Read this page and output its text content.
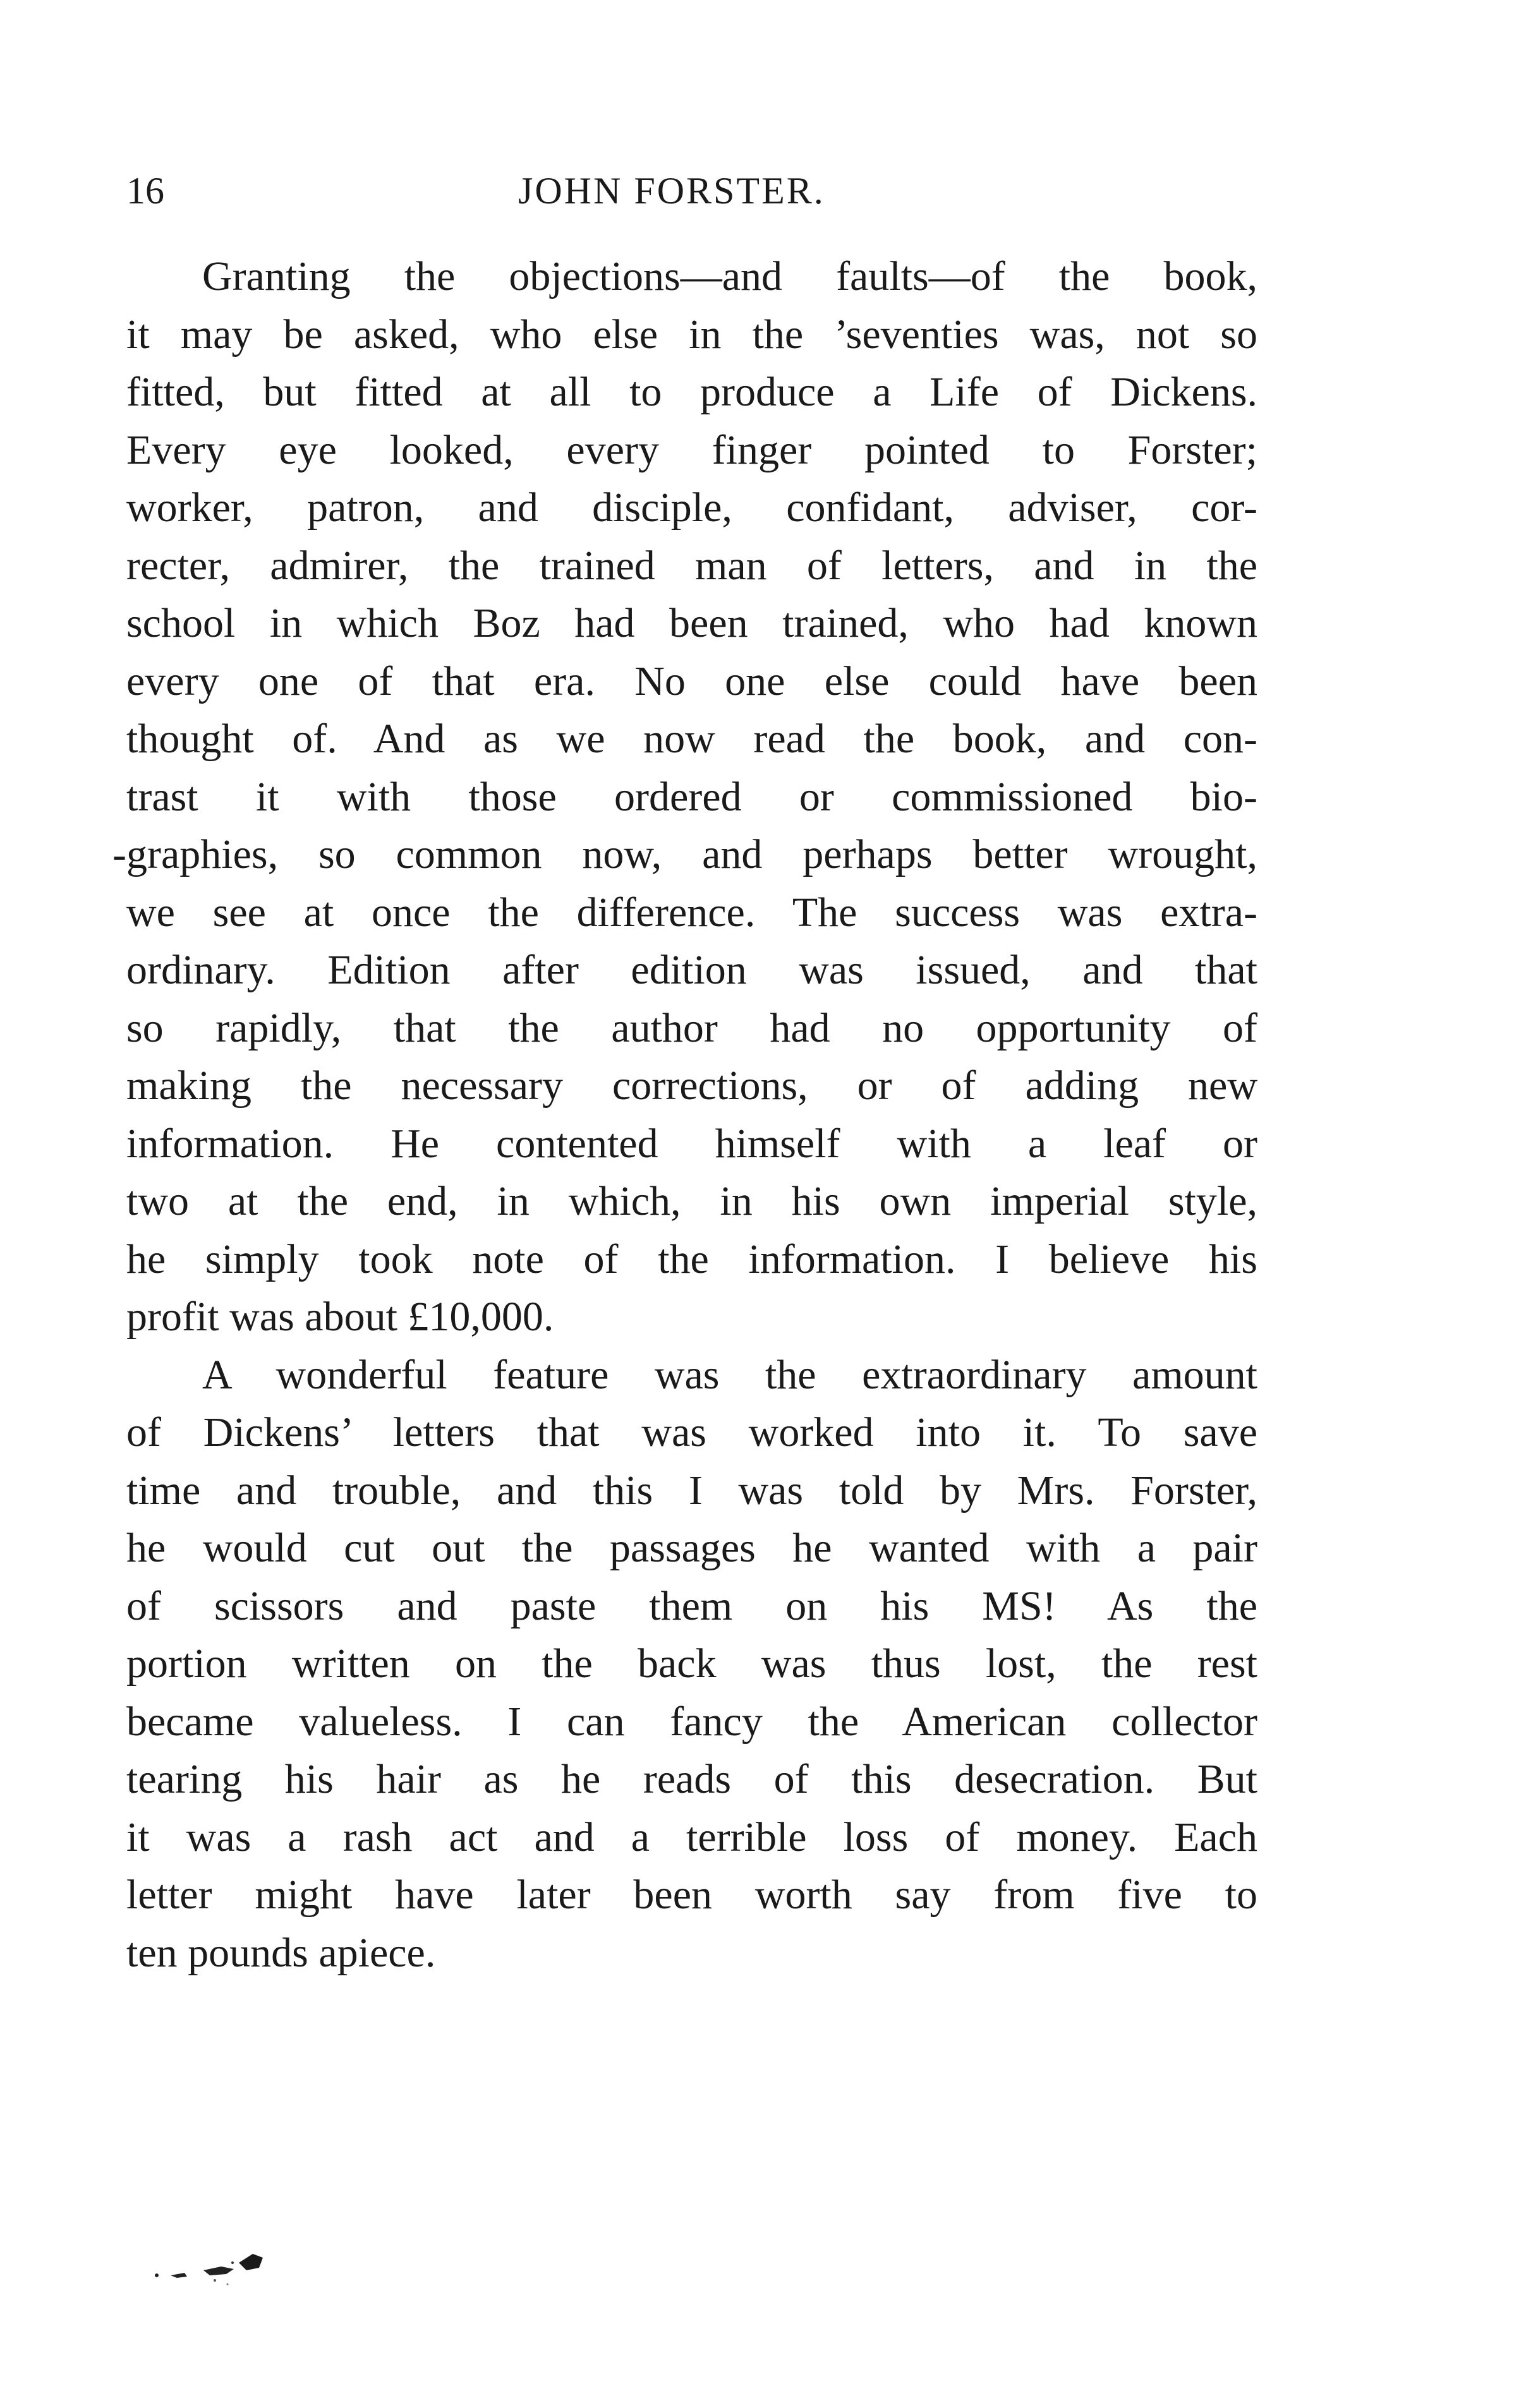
16	JOHN FORSTER.
Granting the objections—and faults—of the book,
it may be asked, who else in the ’seventies was, not so
fitted, but fitted at all to produce a Life of Dickens.
Every eye looked, every finger pointed to Forster;
worker, patron, and disciple, confidant, adviser, cor-
recter, admirer, the trained man of letters, and in the
school in which Boz had been trained, who had known
every one of that era. No one else could have been
thought of. And as we now read the book, and con-
trast it with those ordered or commissioned bio-
-graphies, so common now, and perhaps better wrought,
we see at once the difference. The success was extra-
ordinary. Edition after edition was issued, and that
so rapidly, that the author had no opportunity of
making the necessary corrections, or of adding new
information. He contented himself with a leaf or
two at the end, in which, in his own imperial style,
he simply took note of the information. I believe his
profit was about £10,000.
A wonderful feature was the extraordinary amount
of Dickens’ letters that was worked into it. To save
time and trouble, and this I was told by Mrs. Forster,
he would cut out the passages he wanted with a pair
of scissors and paste them on his MS! As the
portion written on the back was thus lost, the rest
became valueless. I can fancy the American collector
tearing his hair as he reads of this desecration. But
it was a rash act and a terrible loss of money. Each
letter might have later been worth say from five to
ten pounds apiece.
